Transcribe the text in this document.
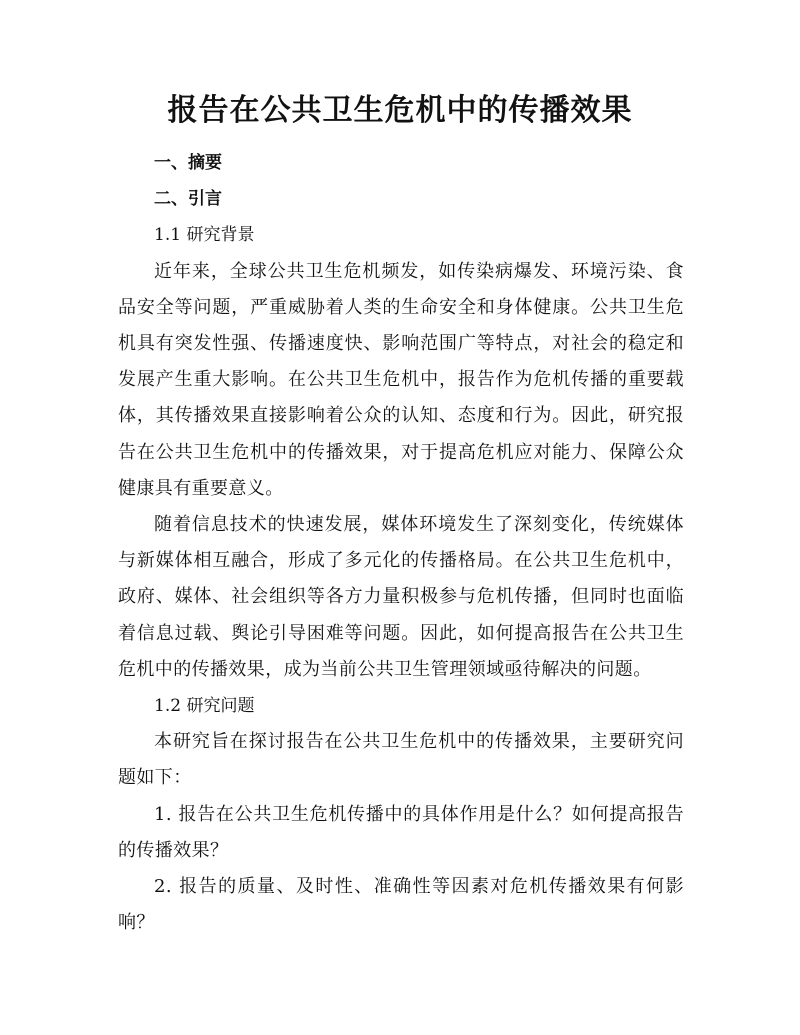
报告在公共卫生危机中的传播效果

一、摘要

二、引言

1.1 研究背景

近年来，全球公共卫生危机频发，如传染病爆发、环境污染、食品安全等问题，严重威胁着人类的生命安全和身体健康。公共卫生危机具有突发性强、传播速度快、影响范围广等特点，对社会的稳定和发展产生重大影响。在公共卫生危机中，报告作为危机传播的重要载体，其传播效果直接影响着公众的认知、态度和行为。因此，研究报告在公共卫生危机中的传播效果，对于提高危机应对能力、保障公众健康具有重要意义。

随着信息技术的快速发展，媒体环境发生了深刻变化，传统媒体与新媒体相互融合，形成了多元化的传播格局。在公共卫生危机中，政府、媒体、社会组织等各方力量积极参与危机传播，但同时也面临着信息过载、舆论引导困难等问题。因此，如何提高报告在公共卫生危机中的传播效果，成为当前公共卫生管理领域亟待解决的问题。

1.2 研究问题

本研究旨在探讨报告在公共卫生危机中的传播效果，主要研究问题如下：

1. 报告在公共卫生危机传播中的具体作用是什么？如何提高报告的传播效果？

2. 报告的质量、及时性、准确性等因素对危机传播效果有何影响？
